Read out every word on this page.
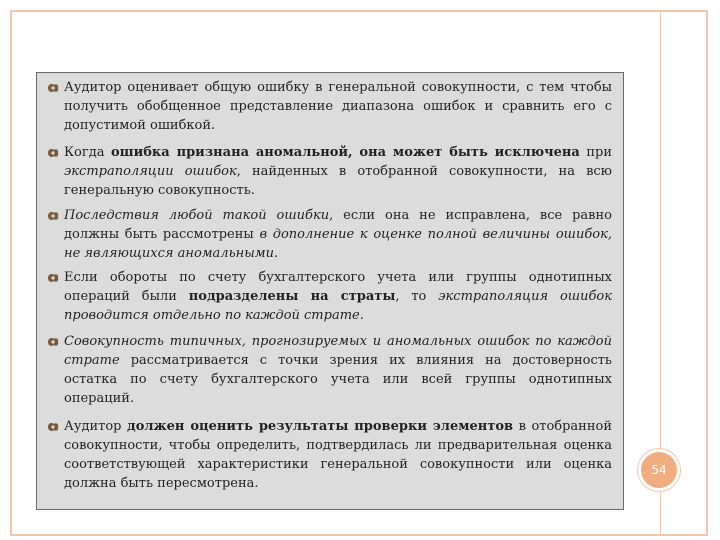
Аудитор оценивает общую ошибку в генеральной совокупности, с тем чтобы получить обобщенное представление диапазона ошибок и сравнить его с допустимой ошибкой.
Когда ошибка признана аномальной, она может быть исключена при экстраполяции ошибок, найденных в отобранной совокупности, на всю генеральную совокупность.
Последствия любой такой ошибки, если она не исправлена, все равно должны быть рассмотрены в дополнение к оценке полной величины ошибок, не являющихся аномальными.
Если обороты по счету бухгалтерского учета или группы однотипных операций были подразделены на страты, то экстраполяция ошибок проводится отдельно по каждой страте.
Совокупность типичных, прогнозируемых и аномальных ошибок по каждой страте рассматривается с точки зрения их влияния на достоверность остатка по счету бухгалтерского учета или всей группы однотипных операций.
Аудитор должен оценить результаты проверки элементов в отобранной совокупности, чтобы определить, подтвердилась ли предварительная оценка соответствующей характеристики генеральной совокупности или оценка должна быть пересмотрена.
54
